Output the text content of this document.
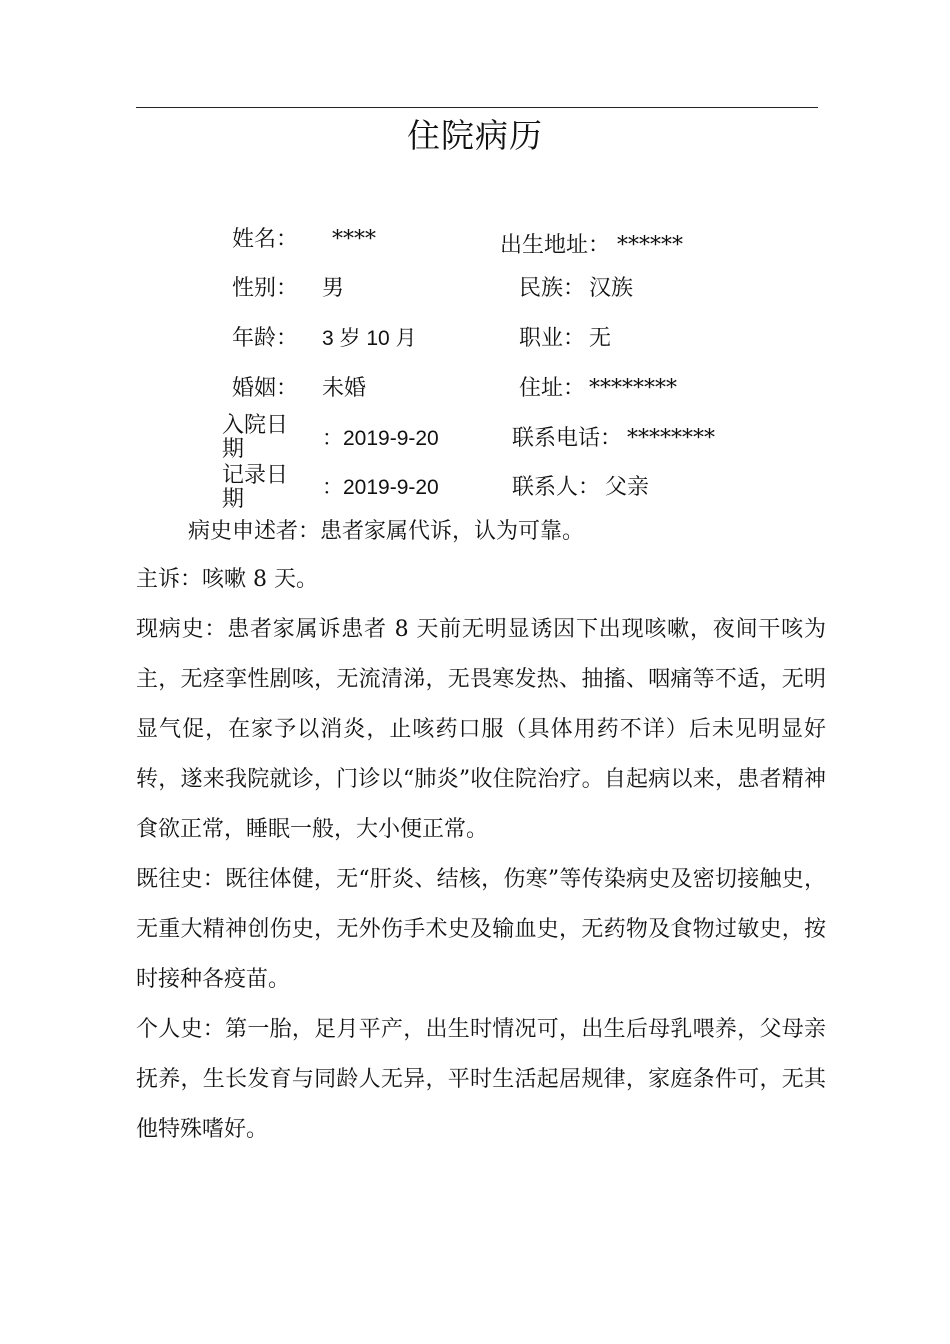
住院病历
姓名： ****	出生地址： ******
性别： 男	民族： 汉族
年龄： 3 岁 10 月	职业： 无
婚姻： 未婚	住址： ********
入院日期	：2019-9-20	联系电话： ********
记录日期	：2019-9-20	联系人： 父亲
病史申述者：患者家属代诉，认为可靠。
主诉：咳嗽 8 天。
现病史：患者家属诉患者 8 天前无明显诱因下出现咳嗽，夜间干咳为主，无痉挛性剧咳，无流清涕，无畏寒发热、抽搐、咽痛等不适，无明显气促，在家予以消炎，止咳药口服（具体用药不详）后未见明显好转，遂来我院就诊，门诊以“肺炎”收住院治疗。自起病以来，患者精神食欲正常，睡眠一般，大小便正常。
既往史：既往体健，无“肝炎、结核，伤寒”等传染病史及密切接触史，无重大精神创伤史，无外伤手术史及输血史，无药物及食物过敏史，按时接种各疫苗。
个人史：第一胎，足月平产，出生时情况可，出生后母乳喂养，父母亲抚养，生长发育与同龄人无异，平时生活起居规律，家庭条件可，无其他特殊嗜好。
